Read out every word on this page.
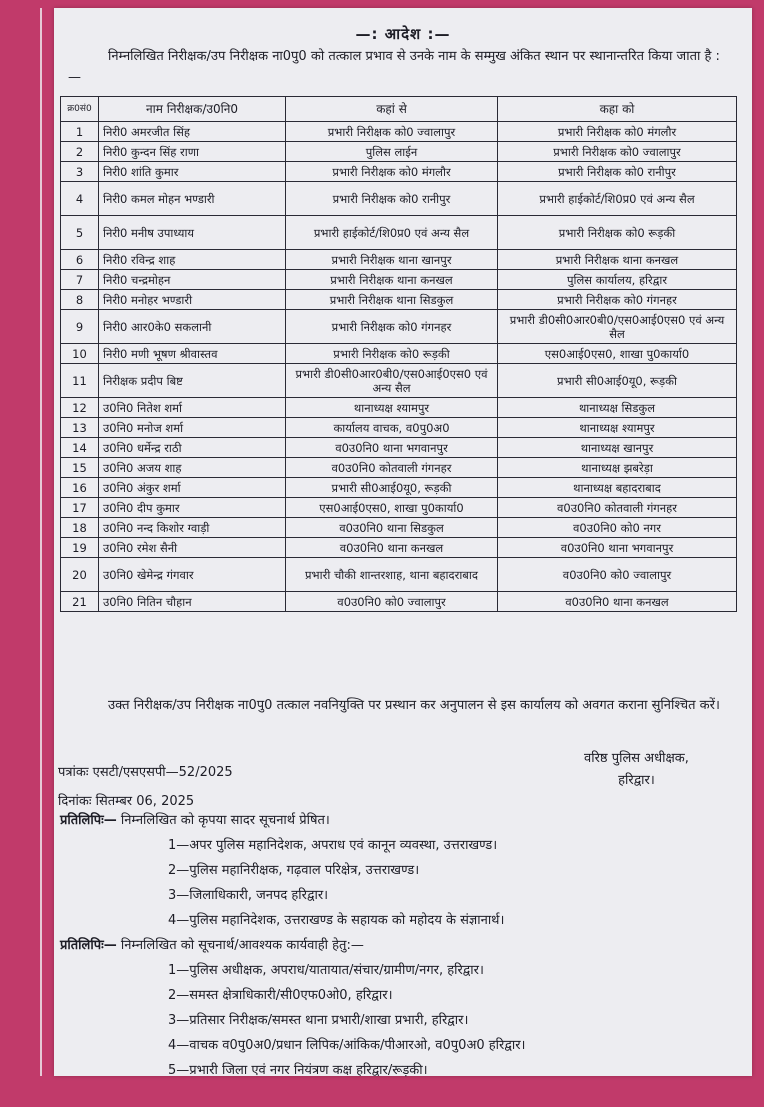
—: आदेश :—
निम्नलिखित निरीक्षक/उप निरीक्षक ना0पु0 को तत्काल प्रभाव से उनके नाम के सम्मुख अंकित स्थान पर स्थानान्तरित किया जाता है :—
क्र0सं0	नाम निरीक्षक/उ0नि0	कहां से	कहा को
1	निरी0 अमरजीत सिंह	प्रभारी निरीक्षक को0 ज्वालापुर	प्रभारी निरीक्षक को0 मंगलौर
2	निरी0 कुन्दन सिंह राणा	पुलिस लाईन	प्रभारी निरीक्षक को0 ज्वालापुर
3	निरी0 शांति कुमार	प्रभारी निरीक्षक को0 मंगलौर	प्रभारी निरीक्षक को0 रानीपुर
4	निरी0 कमल मोहन भण्डारी	प्रभारी निरीक्षक को0 रानीपुर	प्रभारी हाईकोर्ट/शि0प्र0 एवं अन्य सैल
5	निरी0 मनीष उपाध्याय	प्रभारी हाईकोर्ट/शि0प्र0 एवं अन्य सैल	प्रभारी निरीक्षक को0 रूड़की
6	निरी0 रविन्द्र शाह	प्रभारी निरीक्षक थाना खानपुर	प्रभारी निरीक्षक थाना कनखल
7	निरी0 चन्द्रमोहन	प्रभारी निरीक्षक थाना कनखल	पुलिस कार्यालय, हरिद्वार
8	निरी0 मनोहर भण्डारी	प्रभारी निरीक्षक थाना सिडकुल	प्रभारी निरीक्षक को0 गंगनहर
9	निरी0 आर0के0 सकलानी	प्रभारी निरीक्षक को0 गंगनहर	प्रभारी डी0सी0आर0बी0/एस0आई0एस0 एवं अन्य सैल
10	निरी0 मणी भूषण श्रीवास्तव	प्रभारी निरीक्षक को0 रूड़की	एस0आई0एस0, शाखा पु0कार्या0
11	निरीक्षक प्रदीप बिष्ट	प्रभारी डी0सी0आर0बी0/एस0आई0एस0 एवं अन्य सैल	प्रभारी सी0आई0यू0, रूड़की
12	उ0नि0 नितेश शर्मा	थानाध्यक्ष श्यामपुर	थानाध्यक्ष सिडकुल
13	उ0नि0 मनोज शर्मा	कार्यालय वाचक, व0पु0अ0	थानाध्यक्ष श्यामपुर
14	उ0नि0 धर्मेन्द्र राठी	व0उ0नि0 थाना भगवानपुर	थानाध्यक्ष खानपुर
15	उ0नि0 अजय शाह	व0उ0नि0 कोतवाली गंगनहर	थानाध्यक्ष झबरेड़ा
16	उ0नि0 अंकुर शर्मा	प्रभारी सी0आई0यू0, रूड़की	थानाध्यक्ष बहादराबाद
17	उ0नि0 दीप कुमार	एस0आई0एस0, शाखा पु0कार्या0	व0उ0नि0 कोतवाली गंगनहर
18	उ0नि0 नन्द किशोर ग्वाड़ी	व0उ0नि0 थाना सिडकुल	व0उ0नि0 को0 नगर
19	उ0नि0 रमेश सैनी	व0उ0नि0 थाना कनखल	व0उ0नि0 थाना भगवानपुर
20	उ0नि0 खेमेन्द्र गंगवार	प्रभारी चौकी शान्तरशाह, थाना बहादराबाद	व0उ0नि0 को0 ज्वालापुर
21	उ0नि0 नितिन चौहान	व0उ0नि0 को0 ज्वालापुर	व0उ0नि0 थाना कनखल
उक्त निरीक्षक/उप निरीक्षक ना0पु0 तत्काल नवनियुक्ति पर प्रस्थान कर अनुपालन से इस कार्यालय को अवगत कराना सुनिश्चित करें।
वरिष्ठ पुलिस अधीक्षक,
हरिद्वार।
पत्रांकः एसटी/एसएसपी—52/2025
दिनांकः सितम्बर 06, 2025
प्रतिलिपिः— निम्नलिखित को कृपया सादर सूचनार्थ प्रेषित।
1—अपर पुलिस महानिदेशक, अपराध एवं कानून व्यवस्था, उत्तराखण्ड।
2—पुलिस महानिरीक्षक, गढ़वाल परिक्षेत्र, उत्तराखण्ड।
3—जिलाधिकारी, जनपद हरिद्वार।
4—पुलिस महानिदेशक, उत्तराखण्ड के सहायक को महोदय के संज्ञानार्थ।
प्रतिलिपिः— निम्नलिखित को सूचनार्थ/आवश्यक कार्यवाही हेतु:—
1—पुलिस अधीक्षक, अपराध/यातायात/संचार/ग्रामीण/नगर, हरिद्वार।
2—समस्त क्षेत्राधिकारी/सी0एफ0ओ0, हरिद्वार।
3—प्रतिसार निरीक्षक/समस्त थाना प्रभारी/शाखा प्रभारी, हरिद्वार।
4—वाचक व0पु0अ0/प्रधान लिपिक/आंकिक/पीआरओ, व0पु0अ0 हरिद्वार।
5—प्रभारी जिला एवं नगर नियंत्रण कक्ष हरिद्वार/रूड़की।
